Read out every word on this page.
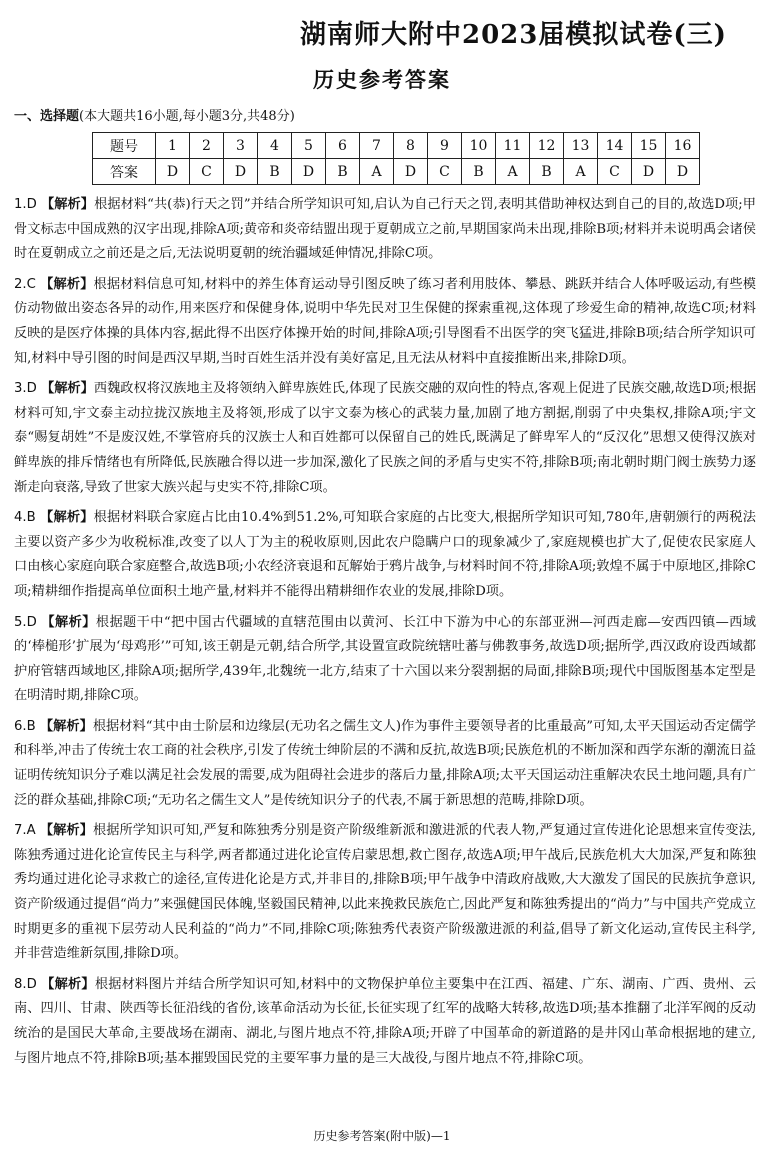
湖南师大附中2023届模拟试卷(三)
历史参考答案
一、选择题(本大题共16小题,每小题3分,共48分)
题号	1	2	3	4	5	6	7	8	9	10	11	12	13	14	15	16
答案	D	C	D	B	D	B	A	D	C	B	A	B	A	C	D	D
1.D 【解析】根据材料“共(恭)行天之罚”并结合所学知识可知,启认为自己行天之罚,表明其借助神权达到自己的目的,故选D项;甲骨文标志中国成熟的汉字出现,排除A项;黄帝和炎帝结盟出现于夏朝成立之前,早期国家尚未出现,排除B项;材料并未说明禹会诸侯时在夏朝成立之前还是之后,无法说明夏朝的统治疆域延伸情况,排除C项。
2.C 【解析】根据材料信息可知,材料中的养生体育运动导引图反映了练习者利用肢体、攀悬、跳跃并结合人体呼吸运动,有些模仿动物做出姿态各异的动作,用来医疗和保健身体,说明中华先民对卫生保健的探索重视,这体现了珍爱生命的精神,故选C项;材料反映的是医疗体操的具体内容,据此得不出医疗体操开始的时间,排除A项;引导图看不出医学的突飞猛进,排除B项;结合所学知识可知,材料中导引图的时间是西汉早期,当时百姓生活并没有美好富足,且无法从材料中直接推断出来,排除D项。
3.D 【解析】西魏政权将汉族地主及将领纳入鲜卑族姓氏,体现了民族交融的双向性的特点,客观上促进了民族交融,故选D项;根据材料可知,宇文泰主动拉拢汉族地主及将领,形成了以宇文泰为核心的武装力量,加剧了地方割据,削弱了中央集权,排除A项;宇文泰“赐复胡姓”不是废汉姓,不掌管府兵的汉族士人和百姓都可以保留自己的姓氏,既满足了鲜卑军人的“反汉化”思想又使得汉族对鲜卑族的排斥情绪也有所降低,民族融合得以进一步加深,激化了民族之间的矛盾与史实不符,排除B项;南北朝时期门阀士族势力逐渐走向衰落,导致了世家大族兴起与史实不符,排除C项。
4.B 【解析】根据材料联合家庭占比由10.4%到51.2%,可知联合家庭的占比变大,根据所学知识可知,780年,唐朝颁行的两税法主要以资产多少为收税标准,改变了以人丁为主的税收原则,因此农户隐瞒户口的现象减少了,家庭规模也扩大了,促使农民家庭人口由核心家庭向联合家庭整合,故选B项;小农经济衰退和瓦解始于鸦片战争,与材料时间不符,排除A项;敦煌不属于中原地区,排除C项;精耕细作指提高单位面积土地产量,材料并不能得出精耕细作农业的发展,排除D项。
5.D 【解析】根据题干中“把中国古代疆域的直辖范围由以黄河、长江中下游为中心的东部亚洲—河西走廊—安西四镇—西域的‘棒槌形’扩展为‘母鸡形’”可知,该王朝是元朝,结合所学,其设置宣政院统辖吐蕃与佛教事务,故选D项;据所学,西汉政府设西域都护府管辖西域地区,排除A项;据所学,439年,北魏统一北方,结束了十六国以来分裂割据的局面,排除B项;现代中国版图基本定型是在明清时期,排除C项。
6.B 【解析】根据材料“其中由士阶层和边缘层(无功名之儒生文人)作为事件主要领导者的比重最高”可知,太平天国运动否定儒学和科举,冲击了传统士农工商的社会秩序,引发了传统士绅阶层的不满和反抗,故选B项;民族危机的不断加深和西学东渐的潮流日益证明传统知识分子难以满足社会发展的需要,成为阻碍社会进步的落后力量,排除A项;太平天国运动注重解决农民土地问题,具有广泛的群众基础,排除C项;“无功名之儒生文人”是传统知识分子的代表,不属于新思想的范畴,排除D项。
7.A 【解析】根据所学知识可知,严复和陈独秀分别是资产阶级维新派和激进派的代表人物,严复通过宣传进化论思想来宣传变法,陈独秀通过进化论宣传民主与科学,两者都通过进化论宣传启蒙思想,救亡图存,故选A项;甲午战后,民族危机大大加深,严复和陈独秀均通过进化论寻求救亡的途径,宣传进化论是方式,并非目的,排除B项;甲午战争中清政府战败,大大激发了国民的民族抗争意识,资产阶级通过提倡“尚力”来强健国民体魄,坚毅国民精神,以此来挽救民族危亡,因此严复和陈独秀提出的“尚力”与中国共产党成立时期更多的重视下层劳动人民利益的“尚力”不同,排除C项;陈独秀代表资产阶级激进派的利益,倡导了新文化运动,宣传民主科学,并非营造维新氛围,排除D项。
8.D 【解析】根据材料图片并结合所学知识可知,材料中的文物保护单位主要集中在江西、福建、广东、湖南、广西、贵州、云南、四川、甘肃、陕西等长征沿线的省份,该革命活动为长征,长征实现了红军的战略大转移,故选D项;基本推翻了北洋军阀的反动统治的是国民大革命,主要战场在湖南、湖北,与图片地点不符,排除A项;开辟了中国革命的新道路的是井冈山革命根据地的建立,与图片地点不符,排除B项;基本摧毁国民党的主要军事力量的是三大战役,与图片地点不符,排除C项。
历史参考答案(附中版)—1
